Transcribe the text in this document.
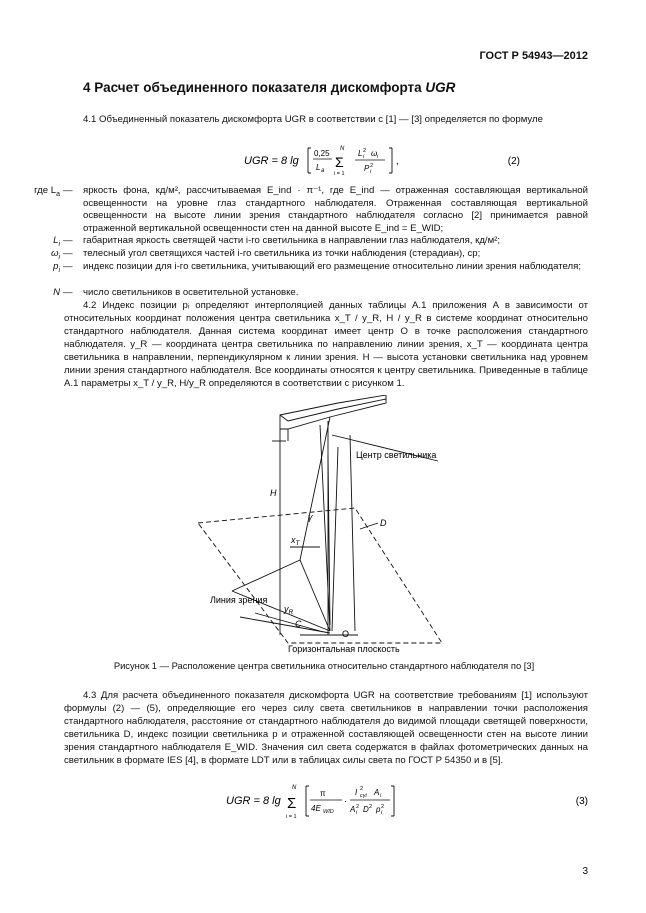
ГОСТ Р 54943—2012
4 Расчет объединенного показателя дискомфорта UGR
4.1 Объединенный показатель дискомфорта UGR в соответствии с [1] — [3] определяется по формуле
UGR = 8 lg
0,25
L a
N
Σ
i = 1
L 2
i ω i
P 2
i
,	(2)
где $L_a$ — яркость фона, кд/м², рассчитываемая E_ind · π⁻¹, где E_ind — отраженная составляющая вертикальной освещенности на уровне глаз стандартного наблюдателя. Отраженная составляющая вертикальной освещенности на высоте линии зрения стандартного наблюдателя согласно [2] принимается равной отраженной вертикальной освещенности стен на данной высоте E_ind = E_WID;
$L_i$ — габаритная яркость светящей части i-го светильника в направлении глаз наблюдателя, кд/м²;
$\omega_i$ — телесный угол светящихся частей i-го светильника из точки наблюдения (стерадиан), ср;
$p_i$ — индекс позиции для i-го светильника, учитывающий его размещение относительно линии зрения наблюдателя;
N — число светильников в осветительной установке.
4.2 Индекс позиции pᵢ определяют интерполяцией данных таблицы А.1 приложения А в зависимости от относительных координат положения центра светильника x_T / y_R, H / y_R в системе координат относительно стандартного наблюдателя. Данная система координат имеет центр О в точке расположения стандартного наблюдателя. y_R — координата центра светильника по направлению линии зрения, x_T — координата центра светильника в направлении, перпендикулярном к линии зрения. H — высота установки светильника над уровнем линии зрения стандартного наблюдателя. Все координаты относятся к центру светильника. Приведенные в таблице А.1 параметры x_T / y_R, H/y_R определяются в соответствии с рисунком 1.
Центр светильника
D
H
γ
$x_T$
Линия зрения
$y_R$
C
O
Горизонтальная плоскость
Рисунок 1 — Расположение центра светильника относительно стандартного наблюдателя по [3]
4.3 Для расчета объединенного показателя дискомфорта UGR на соответствие требованиям [1] используют формулы (2) — (5), определяющие его через силу света светильников в направлении точки расположения стандартного наблюдателя, расстояние от стандартного наблюдателя до видимой площади светящей поверхности, светильника D, индекс позиции светильника p и отраженной составляющей освещенности стен на высоте линии зрения стандартного наблюдателя E_WID. Значения сил света содержатся в файлах фотометрических данных на светильник в формате IES [4], в формате LDT или в таблицах силы света по ГОСТ Р 54350 и в [5].
UGR = 8 lg
N
Σ
i = 1
π
4E WID
·
I 2
cγi A i
A 2
i D 2 p 2
i
(3)
3
